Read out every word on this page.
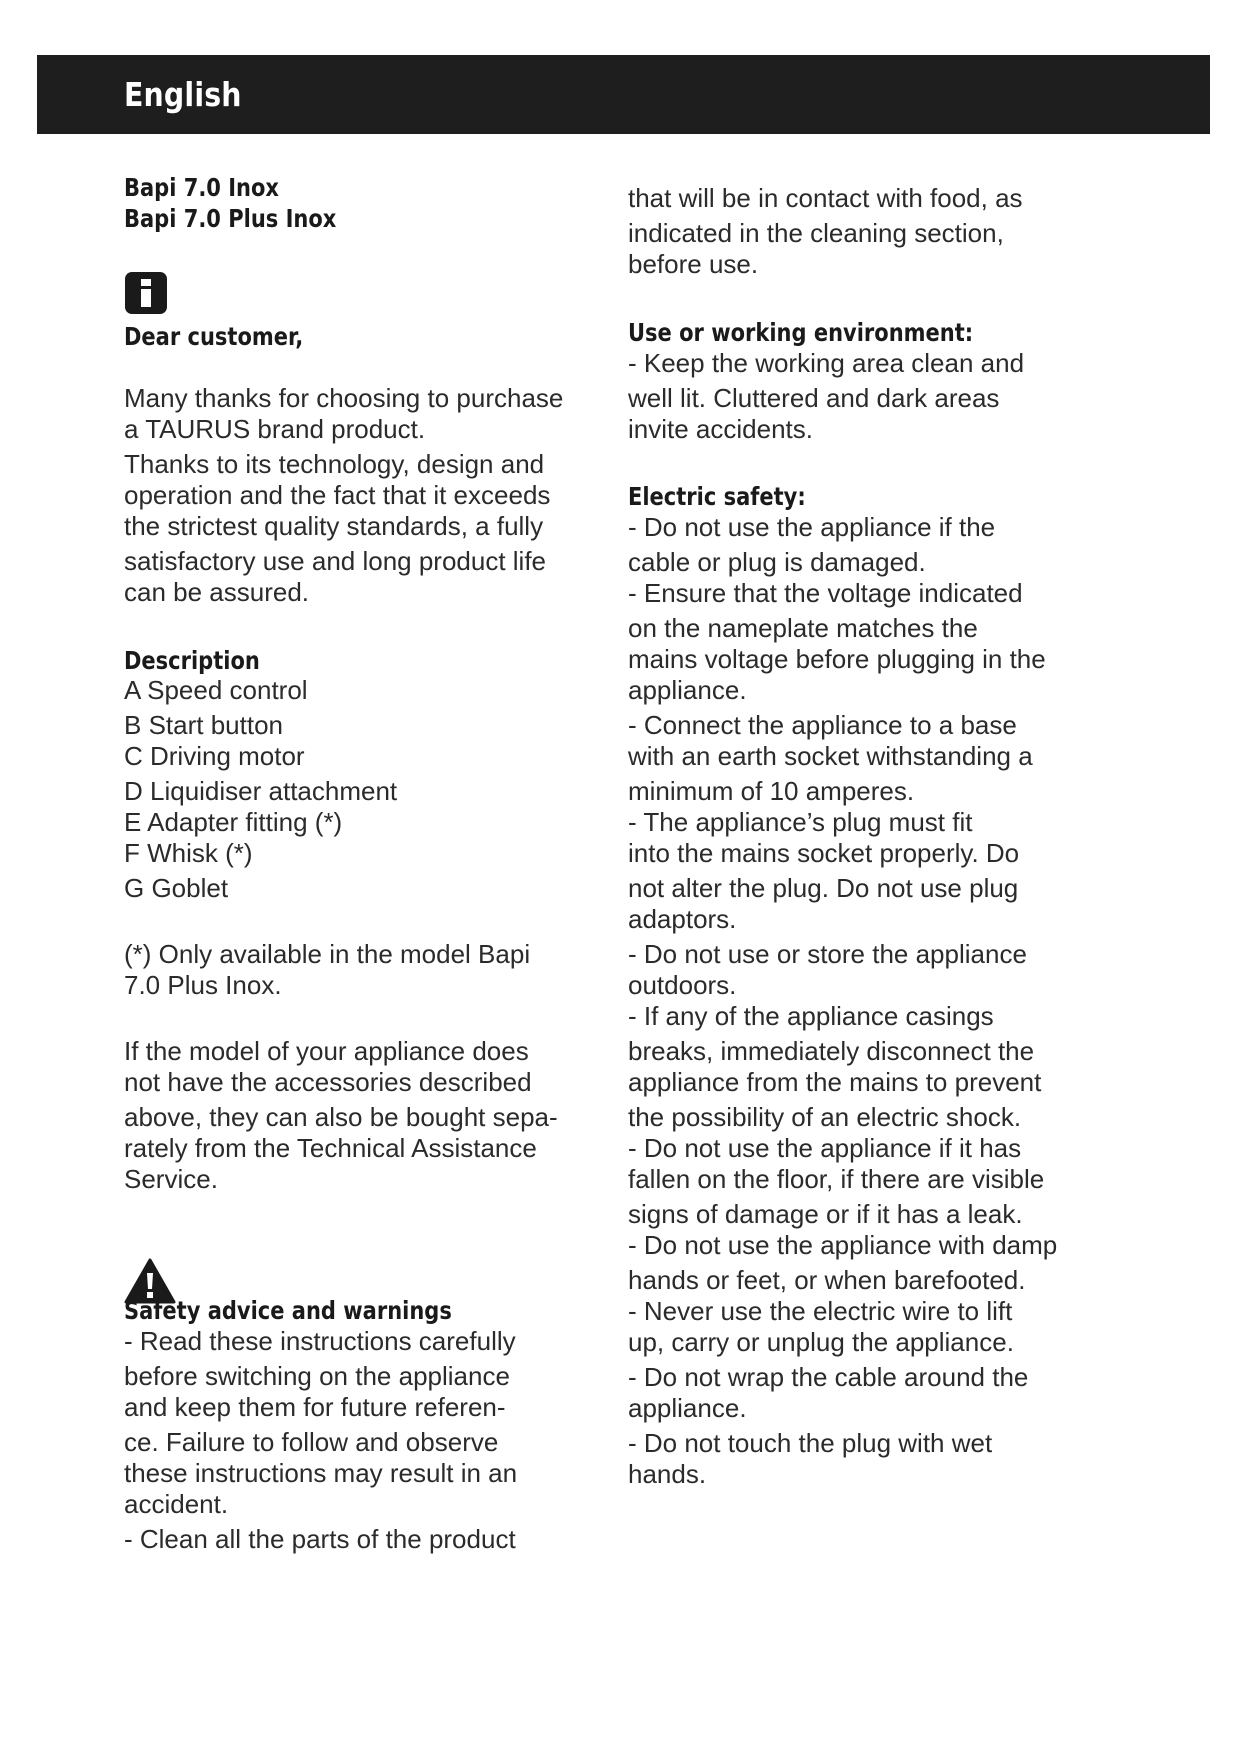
English
Bapi 7.0 Inox
Bapi 7.0 Plus Inox
Dear customer,
Many thanks for choosing to purchase
a TAURUS brand product.
Thanks to its technology, design and
operation and the fact that it exceeds
the strictest quality standards, a fully
satisfactory use and long product life
can be assured.
Description
A Speed control
B Start button
C Driving motor
D Liquidiser attachment
E Adapter fitting (*)
F Whisk (*)
G Goblet
(*) Only available in the model Bapi
7.0 Plus Inox.
If the model of your appliance does
not have the accessories described
above, they can also be bought sepa-
rately from the Technical Assistance
Service.
Safety advice and warnings
- Read these instructions carefully
before switching on the appliance
and keep them for future referen-
ce. Failure to follow and observe
these instructions may result in an
accident.
- Clean all the parts of the product
that will be in contact with food, as
indicated in the cleaning section,
before use.
Use or working environment:
- Keep the working area clean and
well lit. Cluttered and dark areas
invite accidents.
Electric safety:
- Do not use the appliance if the
cable or plug is damaged.
- Ensure that the voltage indicated
on the nameplate matches the
mains voltage before plugging in the
appliance.
- Connect the appliance to a base
with an earth socket withstanding a
minimum of 10 amperes.
- The appliance’s plug must fit
into the mains socket properly. Do
not alter the plug. Do not use plug
adaptors.
- Do not use or store the appliance
outdoors.
- If any of the appliance casings
breaks, immediately disconnect the
appliance from the mains to prevent
the possibility of an electric shock.
- Do not use the appliance if it has
fallen on the floor, if there are visible
signs of damage or if it has a leak.
- Do not use the appliance with damp
hands or feet, or when barefooted.
- Never use the electric wire to lift
up, carry or unplug the appliance.
- Do not wrap the cable around the
appliance.
- Do not touch the plug with wet
hands.
